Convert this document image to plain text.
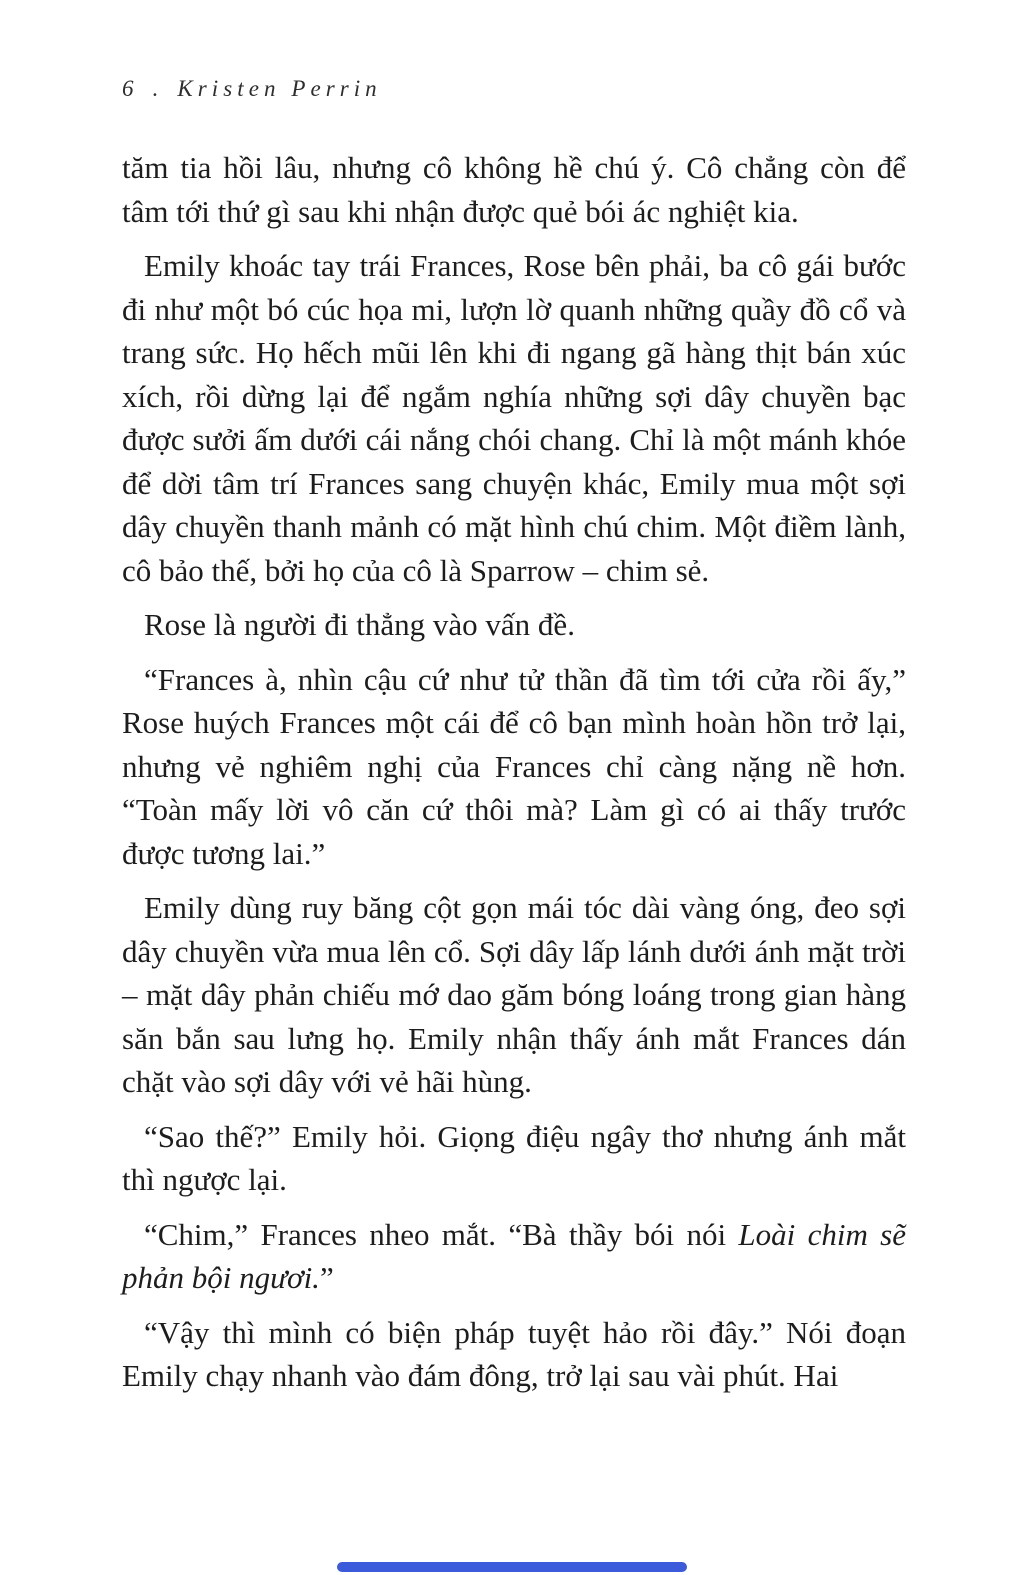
6 . Kristen Perrin

tăm tia hồi lâu, nhưng cô không hề chú ý. Cô chẳng còn để tâm tới thứ gì sau khi nhận được quẻ bói ác nghiệt kia.

Emily khoác tay trái Frances, Rose bên phải, ba cô gái bước đi như một bó cúc họa mi, lượn lờ quanh những quầy đồ cổ và trang sức. Họ hếch mũi lên khi đi ngang gã hàng thịt bán xúc xích, rồi dừng lại để ngắm nghía những sợi dây chuyền bạc được sưởi ấm dưới cái nắng chói chang. Chỉ là một mánh khóe để dời tâm trí Frances sang chuyện khác, Emily mua một sợi dây chuyền thanh mảnh có mặt hình chú chim. Một điềm lành, cô bảo thế, bởi họ của cô là Sparrow – chim sẻ.

Rose là người đi thẳng vào vấn đề.

“Frances à, nhìn cậu cứ như tử thần đã tìm tới cửa rồi ấy,” Rose huých Frances một cái để cô bạn mình hoàn hồn trở lại, nhưng vẻ nghiêm nghị của Frances chỉ càng nặng nề hơn. “Toàn mấy lời vô căn cứ thôi mà? Làm gì có ai thấy trước được tương lai.”

Emily dùng ruy băng cột gọn mái tóc dài vàng óng, đeo sợi dây chuyền vừa mua lên cổ. Sợi dây lấp lánh dưới ánh mặt trời – mặt dây phản chiếu mớ dao găm bóng loáng trong gian hàng săn bắn sau lưng họ. Emily nhận thấy ánh mắt Frances dán chặt vào sợi dây với vẻ hãi hùng.

“Sao thế?” Emily hỏi. Giọng điệu ngây thơ nhưng ánh mắt thì ngược lại.

“Chim,” Frances nheo mắt. “Bà thầy bói nói Loài chim sẽ phản bội ngươi.”

“Vậy thì mình có biện pháp tuyệt hảo rồi đây.” Nói đoạn Emily chạy nhanh vào đám đông, trở lại sau vài phút. Hai
